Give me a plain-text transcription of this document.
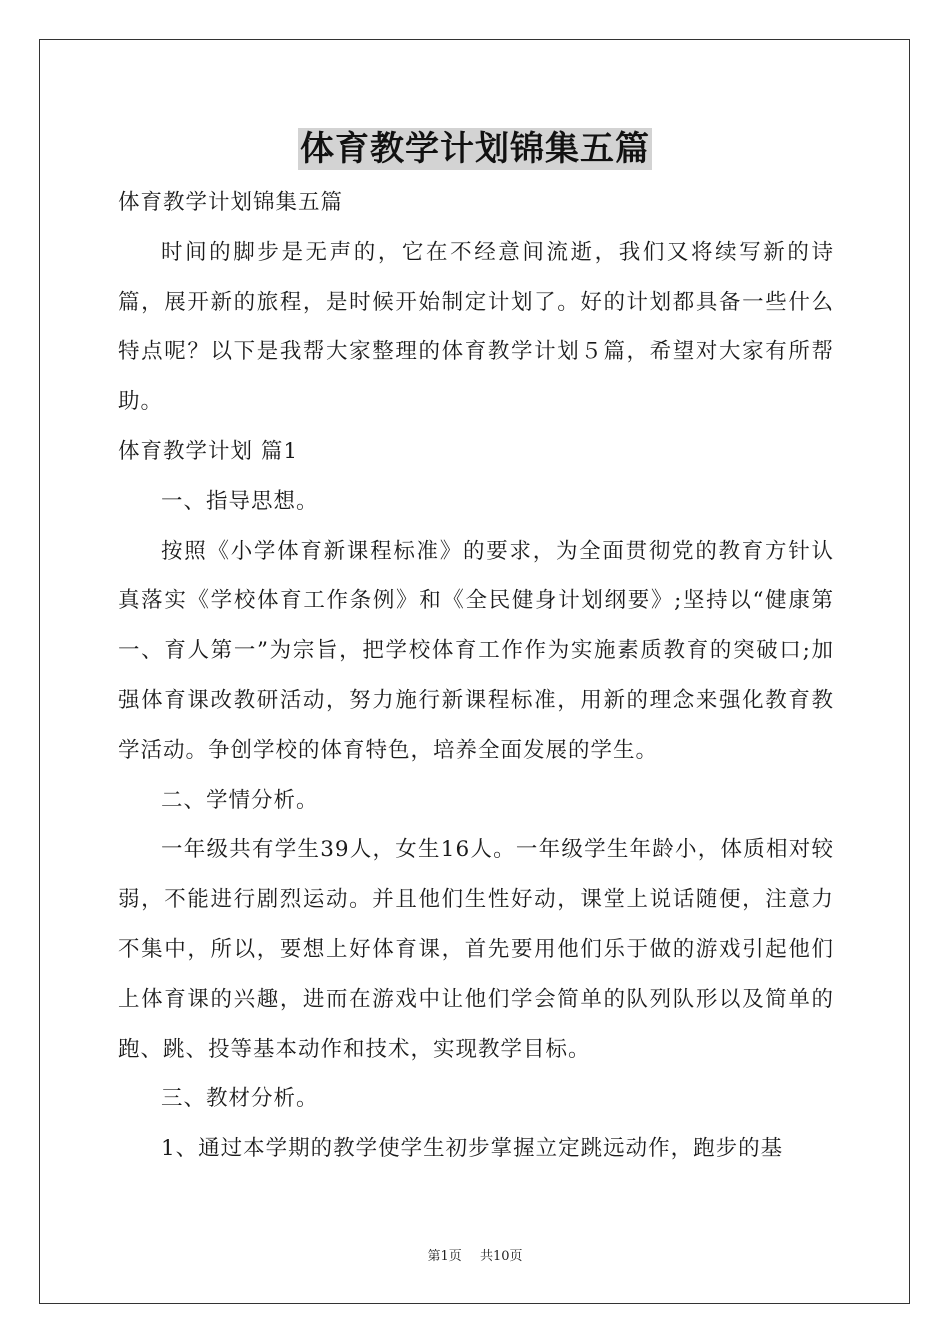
体育教学计划锦集五篇

体育教学计划锦集五篇

时间的脚步是无声的，它在不经意间流逝，我们又将续写新的诗篇，展开新的旅程，是时候开始制定计划了。好的计划都具备一些什么特点呢？以下是我帮大家整理的体育教学计划５篇，希望对大家有所帮助。

体育教学计划 篇1

一、指导思想。

按照《小学体育新课程标准》的要求，为全面贯彻党的教育方针认真落实《学校体育工作条例》和《全民健身计划纲要》;坚持以“健康第一、育人第一”为宗旨，把学校体育工作作为实施素质教育的突破口;加强体育课改教研活动，努力施行新课程标准，用新的理念来强化教育教学活动。争创学校的体育特色，培养全面发展的学生。

二、学情分析。

一年级共有学生39人，女生16人。一年级学生年龄小，体质相对较弱，不能进行剧烈运动。并且他们生性好动，课堂上说话随便，注意力不集中，所以，要想上好体育课，首先要用他们乐于做的游戏引起他们上体育课的兴趣，进而在游戏中让他们学会简单的队列队形以及简单的跑、跳、投等基本动作和技术，实现教学目标。

三、教材分析。

1、通过本学期的教学使学生初步掌握立定跳远动作，跑步的基

第1页 共10页
